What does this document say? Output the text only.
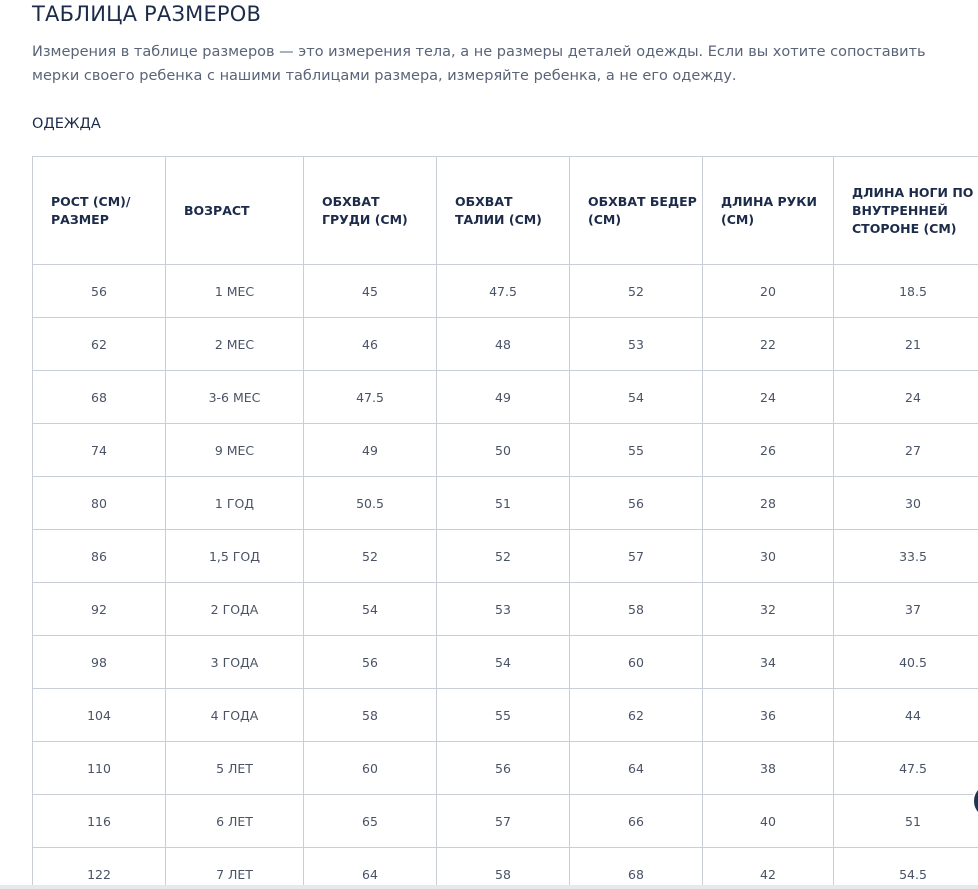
ТАБЛИЦА РАЗМЕРОВ

Измерения в таблице размеров — это измерения тела, а не размеры деталей одежды. Если вы хотите сопоставить мерки своего ребенка с нашими таблицами размера, измеряйте ребенка, а не его одежду.

ОДЕЖДА
РОСТ (СМ)/ РАЗМЕР	ВОЗРАСТ	ОБХВАТ ГРУДИ (СМ)	ОБХВАТ ТАЛИИ (СМ)	ОБХВАТ БЕДЕР (СМ)	ДЛИНА РУКИ (СМ)	ДЛИНА НОГИ ПО ВНУТРЕННЕЙ СТОРОНЕ (СМ)
56	1 МЕС	45	47.5	52	20	18.5
62	2 МЕС	46	48	53	22	21
68	3-6 МЕС	47.5	49	54	24	24
74	9 МЕС	49	50	55	26	27
80	1 ГОД	50.5	51	56	28	30
86	1,5 ГОД	52	52	57	30	33.5
92	2 ГОДА	54	53	58	32	37
98	3 ГОДА	56	54	60	34	40.5
104	4 ГОДА	58	55	62	36	44
110	5 ЛЕТ	60	56	64	38	47.5
116	6 ЛЕТ	65	57	66	40	51
122	7 ЛЕТ	64	58	68	42	54.5
